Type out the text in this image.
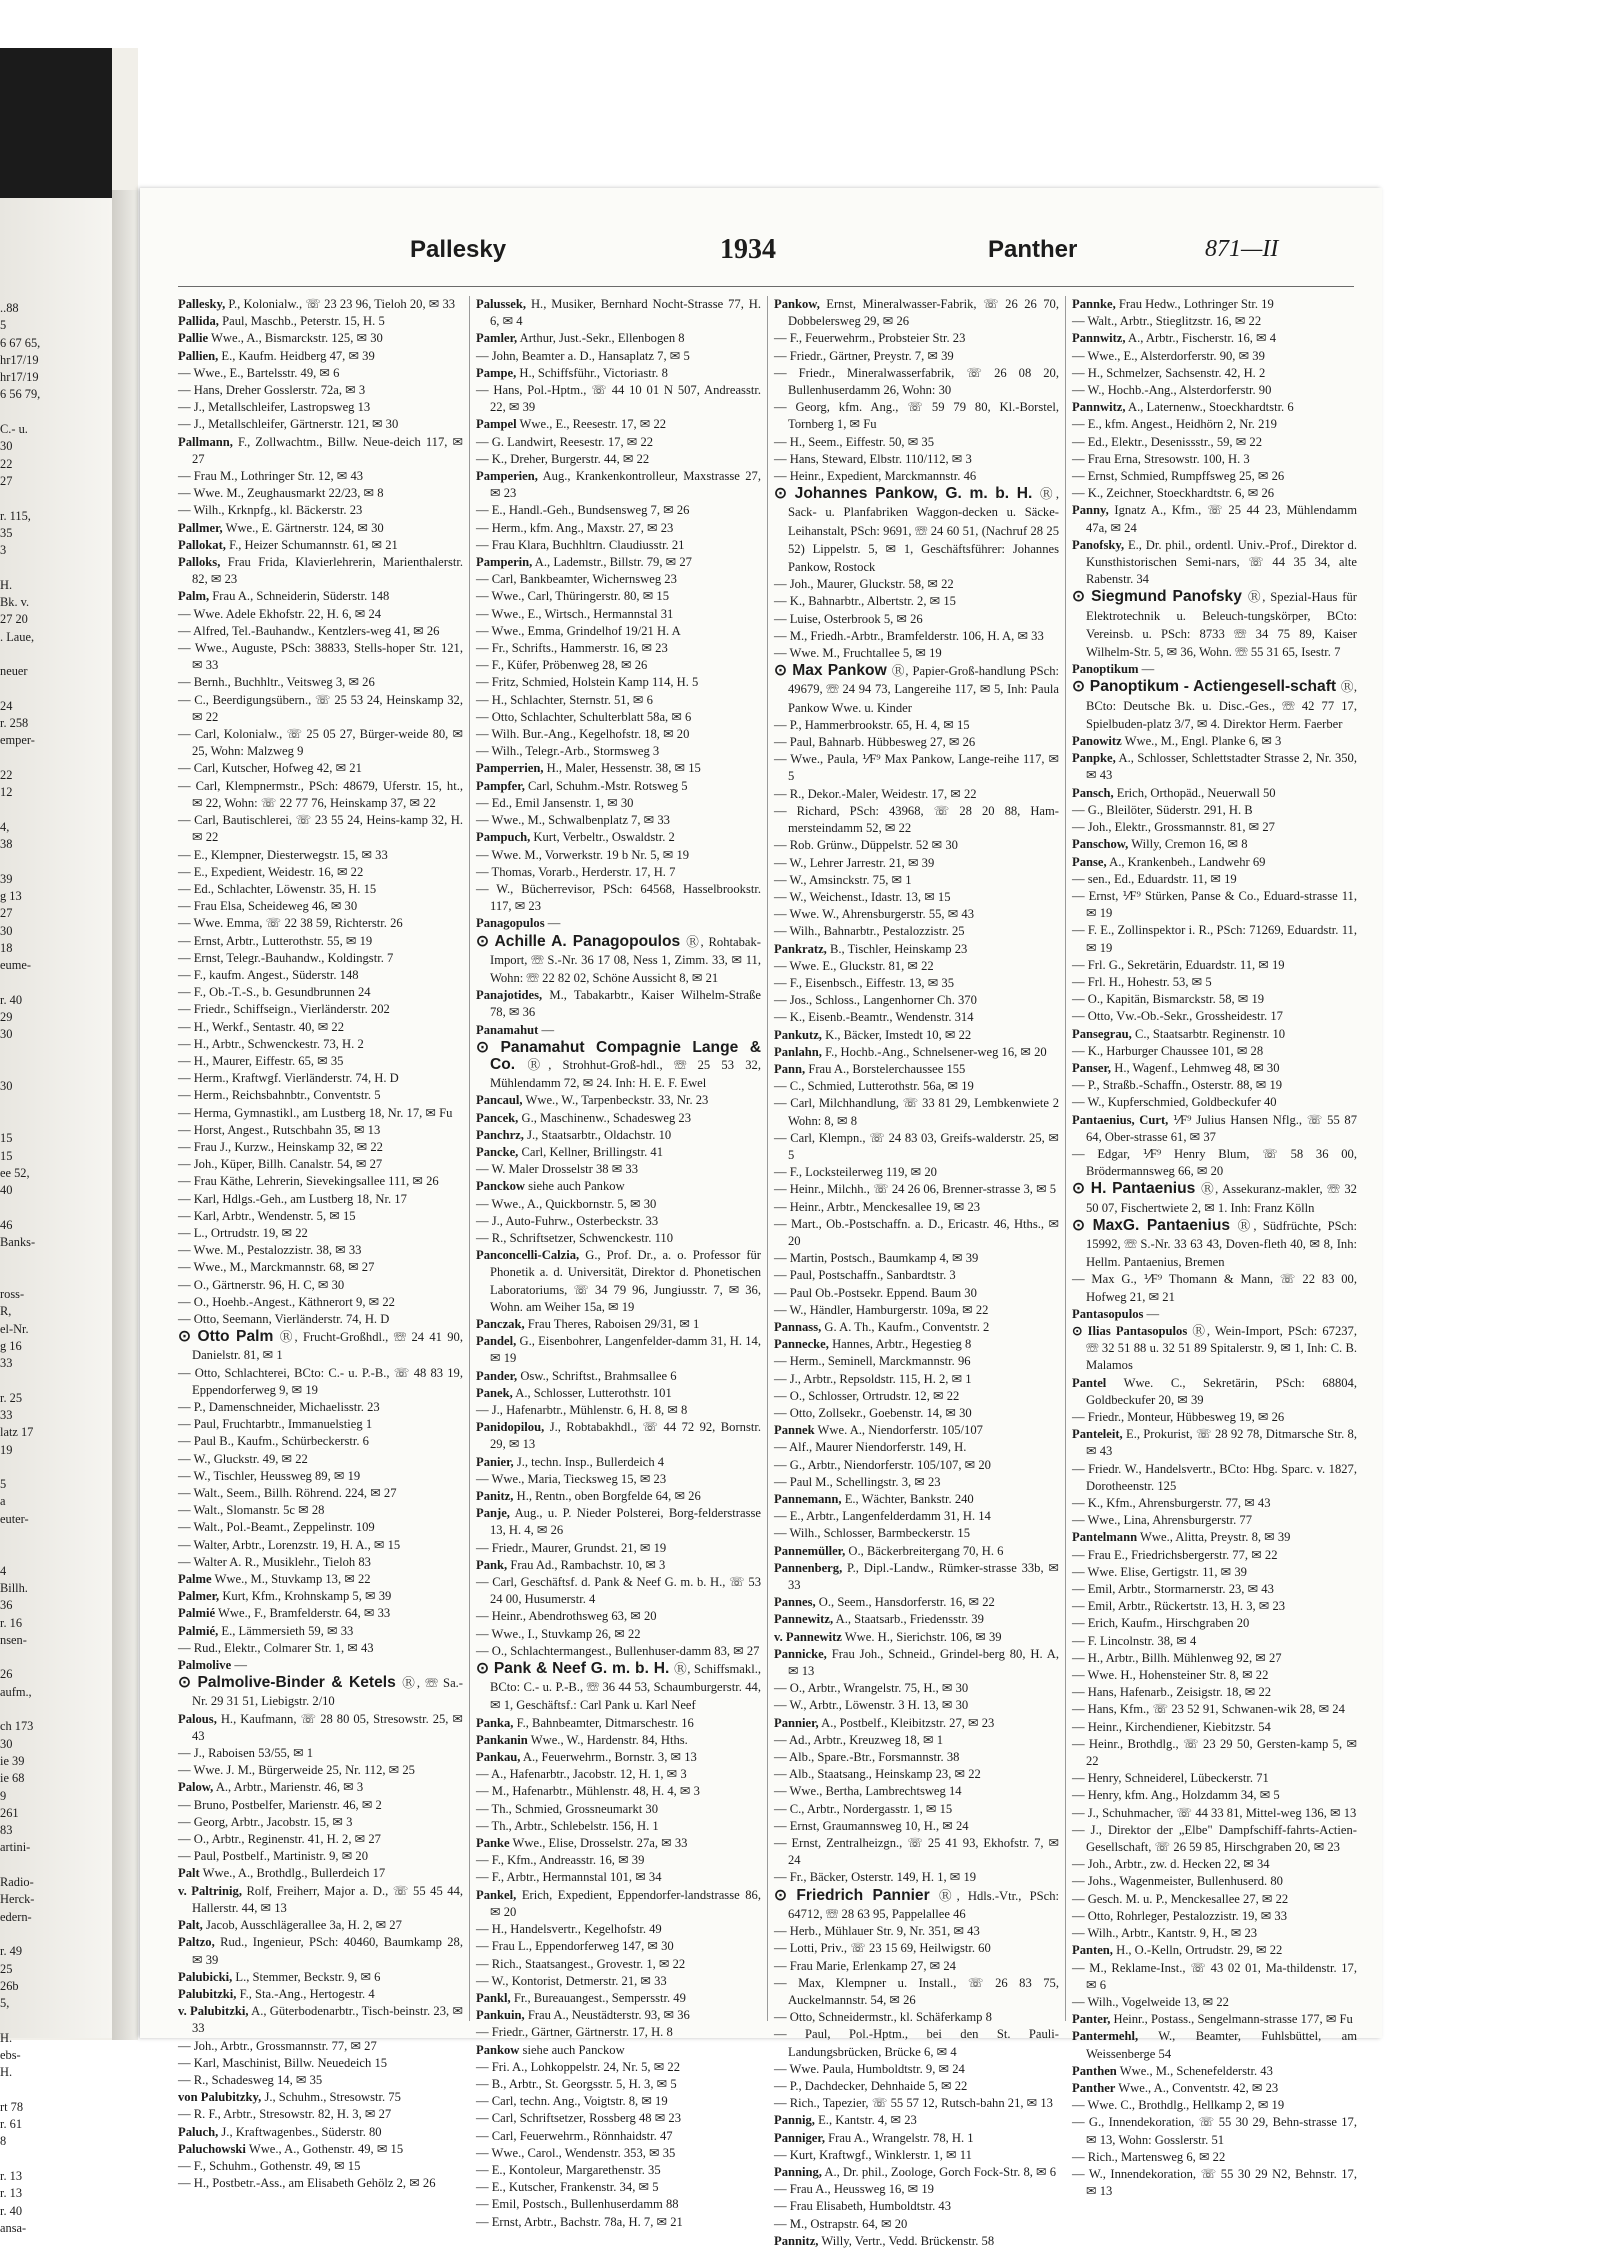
..88
5
6 67 65,
hr17/19
hr17/19
6 56 79,
C.- u.
30
22
27
r. 115,
35
3
H.
Bk. v.
27 20
. Laue,
neuer
24
r. 258
emper-
22
12
4,
38
39
g 13
27
30
18
eume-
r. 40
29
30
30
15
15
ee 52,
40
46
Banks-
ross-
R,
el-Nr.
g 16
33
r. 25
33
latz 17
19
5
a
euter-
4
Billh.
36
r. 16
nsen-
26
aufm.,
ch 173
30
ie 39
ie 68
9
261
83
artini-
Radio-
Herck-
edern-
r. 49
25
26b
5,
H.
ebs-
H.
rt 78
r. 61
8
r. 13
r. 13
r. 40
ansa-
Pallesky	1934	Panther	871—II
Pallesky, P., Kolonialw., ☏ 23 23 96, Tieloh 20, ✉ 33
Pallida, Paul, Maschb., Peterstr. 15, H. 5
Pallie Wwe., A., Bismarckstr. 125, ✉ 30
Pallien, E., Kaufm. Heidberg 47, ✉ 39
— Wwe., E., Bartelsstr. 49, ✉ 6
— Hans, Dreher Gosslerstr. 72a, ✉ 3
— J., Metallschleifer, Lastropsweg 13
— J., Metallschleifer, Gärtnerstr. 121, ✉ 30
Pallmann, F., Zollwachtm., Billw. Neue-deich 117, ✉ 27
— Frau M., Lothringer Str. 12, ✉ 43
— Wwe. M., Zeughausmarkt 22/23, ✉ 8
— Wilh., Krknpfg., kl. Bäckerstr. 23
Pallmer, Wwe., E. Gärtnerstr. 124, ✉ 30
Pallokat, F., Heizer Schumannstr. 61, ✉ 21
Palloks, Frau Frida, Klavierlehrerin, Marienthalerstr. 82, ✉ 23
Palm, Frau A., Schneiderin, Süderstr. 148
— Wwe. Adele Ekhofstr. 22, H. 6, ✉ 24
— Alfred, Tel.-Bauhandw., Kentzlers-weg 41, ✉ 26
— Wwe., Auguste, PSch: 38833, Stells-hoper Str. 121, ✉ 33
— Bernh., Buchhltr., Veitsweg 3, ✉ 26
— C., Beerdigungsübern., ☏ 25 53 24, Heinskamp 32, ✉ 22
— Carl, Kolonialw., ☏ 25 05 27, Bürger-weide 80, ✉ 25, Wohn: Malzweg 9
— Carl, Kutscher, Hofweg 42, ✉ 21
— Carl, Klempnermstr., PSch: 48679, Uferstr. 15, ht., ✉ 22, Wohn: ☏ 22 77 76, Heinskamp 37, ✉ 22
— Carl, Bautischlerei, ☏ 23 55 24, Heins-kamp 32, H. ✉ 22
— E., Klempner, Diesterwegstr. 15, ✉ 33
— E., Expedient, Weidestr. 16, ✉ 22
— Ed., Schlachter, Löwenstr. 35, H. 15
— Frau Elsa, Scheideweg 46, ✉ 30
— Wwe. Emma, ☏ 22 38 59, Richterstr. 26
— Ernst, Arbtr., Lutterothstr. 55, ✉ 19
— Ernst, Telegr.-Bauhandw., Koldingstr. 7
— F., kaufm. Angest., Süderstr. 148
— F., Ob.-T.-S., b. Gesundbrunnen 24
— Friedr., Schiffseign., Vierländerstr. 202
— H., Werkf., Sentastr. 40, ✉ 22
— H., Arbtr., Schwenckestr. 73, H. 2
— H., Maurer, Eiffestr. 65, ✉ 35
— Herm., Kraftwgf. Vierländerstr. 74, H. D
— Herm., Reichsbahnbtr., Conventstr. 5
— Herma, Gymnastikl., am Lustberg 18, Nr. 17, ✉ Fu
— Horst, Angest., Rutschbahn 35, ✉ 13
— Frau J., Kurzw., Heinskamp 32, ✉ 22
— Joh., Küper, Billh. Canalstr. 54, ✉ 27
— Frau Käthe, Lehrerin, Sievekingsallee 111, ✉ 26
— Karl, Hdlgs.-Geh., am Lustberg 18, Nr. 17
— Karl, Arbtr., Wendenstr. 5, ✉ 15
— L., Ortrudstr. 19, ✉ 22
— Wwe. M., Pestalozzistr. 38, ✉ 33
— Wwe., M., Marckmannstr. 68, ✉ 27
— O., Gärtnerstr. 96, H. C, ✉ 30
— O., Hoehb.-Angest., Käthnerort 9, ✉ 22
— Otto, Seemann, Vierländerstr. 74, H. D
⊙ Otto Palm Ⓡ, Frucht-Großhdl., ☏ 24 41 90, Danielstr. 81, ✉ 1
— Otto, Schlachterei, BCto: C.- u. P.-B., ☏ 48 83 19, Eppendorferweg 9, ✉ 19
— P., Damenschneider, Michaelisstr. 23
— Paul, Fruchtarbtr., Immanuelstieg 1
— Paul B., Kaufm., Schürbeckerstr. 6
— W., Gluckstr. 49, ✉ 22
— W., Tischler, Heussweg 89, ✉ 19
— Walt., Seem., Billh. Röhrend. 224, ✉ 27
— Walt., Slomanstr. 5c ✉ 28
— Walt., Pol.-Beamt., Zeppelinstr. 109
— Walter, Arbtr., Lorenzstr. 19, H. A., ✉ 15
— Walter A. R., Musiklehr., Tieloh 83
Palme Wwe., M., Stuvkamp 13, ✉ 22
Palmer, Kurt, Kfm., Krohnskamp 5, ✉ 39
Palmié Wwe., F., Bramfelderstr. 64, ✉ 33
Palmié, E., Lämmersieth 59, ✉ 33
— Rud., Elektr., Colmarer Str. 1, ✉ 43
Palmolive —
⊙ Palmolive-Binder & Ketels Ⓡ, ☏ Sa.-Nr. 29 31 51, Liebigstr. 2/10
Palous, H., Kaufmann, ☏ 28 80 05, Stresowstr. 25, ✉ 43
— J., Raboisen 53/55, ✉ 1
— Wwe. J. M., Bürgerweide 25, Nr. 112, ✉ 25
Palow, A., Arbtr., Marienstr. 46, ✉ 3
— Bruno, Postbelfer, Marienstr. 46, ✉ 2
— Georg, Arbtr., Jacobstr. 15, ✉ 3
— O., Arbtr., Reginenstr. 41, H. 2, ✉ 27
— Paul, Postbelf., Martinistr. 9, ✉ 20
Palt Wwe., A., Brothdlg., Bullerdeich 17
v. Paltrinig, Rolf, Freiherr, Major a. D., ☏ 55 45 44, Hallerstr. 44, ✉ 13
Palt, Jacob, Ausschlägerallee 3a, H. 2, ✉ 27
Paltzo, Rud., Ingenieur, PSch: 40460, Baumkamp 28, ✉ 39
Palubicki, L., Stemmer, Beckstr. 9, ✉ 6
Palubitzki, F., Sta.-Ang., Hertogestr. 4
v. Palubitzki, A., Güterbodenarbtr., Tisch-beinstr. 23, ✉ 33
— Joh., Arbtr., Grossmannstr. 77, ✉ 27
— Karl, Maschinist, Billw. Neuedeich 15
— R., Schadesweg 14, ✉ 35
von Palubitzky, J., Schuhm., Stresowstr. 75
— R. F., Arbtr., Stresowstr. 82, H. 3, ✉ 27
Paluch, J., Kraftwagenbes., Süderstr. 80
Paluchowski Wwe., A., Gothenstr. 49, ✉ 15
— F., Schuhm., Gothenstr. 49, ✉ 15
— H., Postbetr.-Ass., am Elisabeth Gehölz 2, ✉ 26
Palussek, H., Musiker, Bernhard Nocht-Strasse 77, H. 6, ✉ 4
Pamler, Arthur, Just.-Sekr., Ellenbogen 8
— John, Beamter a. D., Hansaplatz 7, ✉ 5
Pampe, H., Schiffsführ., Victoriastr. 8
— Hans, Pol.-Hptm., ☏ 44 10 01 N 507, Andreasstr. 22, ✉ 39
Pampel Wwe., E., Reesestr. 17, ✉ 22
— G. Landwirt, Reesestr. 17, ✉ 22
— K., Dreher, Burgerstr. 44, ✉ 22
Pamperien, Aug., Krankenkontrolleur, Maxstrasse 27, ✉ 23
— E., Handl.-Geh., Bundsensweg 7, ✉ 26
— Herm., kfm. Ang., Maxstr. 27, ✉ 23
— Frau Klara, Buchhltrn. Claudiusstr. 21
Pamperin, A., Lademstr., Billstr. 79, ✉ 27
— Carl, Bankbeamter, Wichernsweg 23
— Wwe., Carl, Thüringerstr. 80, ✉ 15
— Wwe., E., Wirtsch., Hermannstal 31
— Wwe., Emma, Grindelhof 19/21 H. A
— Fr., Schrifts., Hammerstr. 16, ✉ 23
— F., Küfer, Pröbenweg 28, ✉ 26
— Fritz, Schmied, Holstein Kamp 114, H. 5
— H., Schlachter, Sternstr. 51, ✉ 6
— Otto, Schlachter, Schulterblatt 58a, ✉ 6
— Wilh. Bur.-Ang., Kegelhofstr. 18, ✉ 20
— Wilh., Telegr.-Arb., Stormsweg 3
Pamperrien, H., Maler, Hessenstr. 38, ✉ 15
Pampfer, Carl, Schuhm.-Mstr. Rotsweg 5
— Ed., Emil Jansenstr. 1, ✉ 30
— Wwe., M., Schwalbenplatz 7, ✉ 33
Pampuch, Kurt, Verbeltr., Oswaldstr. 2
— Wwe. M., Vorwerkstr. 19 b Nr. 5, ✉ 19
— Thomas, Vorarb., Herderstr. 17, H. 7
— W., Bücherrevisor, PSch: 64568, Hasselbrookstr. 117, ✉ 23
Panagopulos —
⊙ Achille A. Panagopoulos Ⓡ, Rohtabak-Import, ☏ S.-Nr. 36 17 08, Ness 1, Zimm. 33, ✉ 11, Wohn: ☏ 22 82 02, Schöne Aussicht 8, ✉ 21
Panajotides, M., Tabakarbtr., Kaiser Wilhelm-Straße 78, ✉ 36
Panamahut —
⊙ Panamahut Compagnie Lange & Co. Ⓡ, Strohhut-Groß-hdl., ☏ 25 53 32, Mühlendamm 72, ✉ 24. Inh: H. E. F. Ewel
Pancaul, Wwe., W., Tarpenbeckstr. 33, Nr. 23
Pancek, G., Maschinenw., Schadesweg 23
Panchrz, J., Staatsarbtr., Oldachstr. 10
Pancke, Carl, Kellner, Brillingstr. 41
— W. Maler Drosselstr 38 ✉ 33
Panckow siehe auch Pankow
— Wwe., A., Quickbornstr. 5, ✉ 30
— J., Auto-Fuhrw., Osterbeckstr. 33
— R., Schriftsetzer, Schwenckestr. 110
Panconcelli-Calzia, G., Prof. Dr., a. o. Professor für Phonetik a. d. Universität, Direktor d. Phonetischen Laboratoriums, ☏ 34 79 96, Jungiusstr. 7, ✉ 36, Wohn. am Weiher 15a, ✉ 19
Panczak, Frau Theres, Raboisen 29/31, ✉ 1
Pandel, G., Eisenbohrer, Langenfelder-damm 31, H. 14, ✉ 19
Pander, Osw., Schriftst., Brahmsallee 6
Panek, A., Schlosser, Lutterothstr. 101
— J., Hafenarbtr., Mühlenstr. 6, H. 8, ✉ 8
Panidopilou, J., Robtabakhdl., ☏ 44 72 92, Bornstr. 29, ✉ 13
Panier, J., techn. Insp., Bullerdeich 4
— Wwe., Maria, Tiecksweg 15, ✉ 23
Panitz, H., Rentn., oben Borgfelde 64, ✉ 26
Panje, Aug., u. P. Nieder Polsterei, Borg-felderstrasse 13, H. 4, ✉ 26
— Friedr., Maurer, Grundst. 21, ✉ 19
Pank, Frau Ad., Rambachstr. 10, ✉ 3
— Carl, Geschäftsf. d. Pank & Neef G. m. b. H., ☏ 53 24 00, Husumerstr. 4
— Heinr., Abendrothsweg 63, ✉ 20
— Wwe., I., Stuvkamp 26, ✉ 22
— O., Schlachtermangest., Bullenhuser-damm 83, ✉ 27
⊙ Pank & Neef G. m. b. H. Ⓡ, Schiffsmakl., BCto: C.- u. P.-B., ☏ 36 44 53, Schaumburgerstr. 44, ✉ 1, Geschäftsf.: Carl Pank u. Karl Neef
Panka, F., Bahnbeamter, Ditmarschestr. 16
Pankanin Wwe., W., Hardenstr. 84, Hths.
Pankau, A., Feuerwehrm., Bornstr. 3, ✉ 13
— A., Hafenarbtr., Jacobstr. 12, H. 1, ✉ 3
— M., Hafenarbtr., Mühlenstr. 48, H. 4, ✉ 3
— Th., Schmied, Grossneumarkt 30
— Th., Arbtr., Schlebelstr. 156, H. 1
Panke Wwe., Elise, Drosselstr. 27a, ✉ 33
— F., Kfm., Andreasstr. 16, ✉ 39
— F., Arbtr., Hermannstal 101, ✉ 34
Pankel, Erich, Expedient, Eppendorfer-landstrasse 86, ✉ 20
— H., Handelsvertr., Kegelhofstr. 49
— Frau L., Eppendorferweg 147, ✉ 30
— Rich., Staatsangest., Grovestr. 1, ✉ 22
— W., Kontorist, Detmerstr. 21, ✉ 33
Pankl, Fr., Bureauangest., Sempersstr. 49
Pankuin, Frau A., Neustädterstr. 93, ✉ 36
— Friedr., Gärtner, Gärtnerstr. 17, H. 8
Pankow siehe auch Panckow
— Fri. A., Lohkoppelstr. 24, Nr. 5, ✉ 22
— B., Arbtr., St. Georgsstr. 5, H. 3, ✉ 5
— Carl, techn. Ang., Voigtstr. 8, ✉ 19
— Carl, Schriftsetzer, Rossberg 48 ✉ 23
— Carl, Feuerwehrm., Rönnhaidstr. 47
— Wwe., Carol., Wendenstr. 353, ✉ 35
— E., Kontoleur, Margarethenstr. 35
— E., Kutscher, Frankenstr. 34, ✉ 5
— Emil, Postsch., Bullenhuserdamm 88
— Ernst, Arbtr., Bachstr. 78a, H. 7, ✉ 21
Pankow, Ernst, Mineralwasser-Fabrik, ☏ 26 26 70, Dobbelersweg 29, ✉ 26
— F., Feuerwehrm., Probsteier Str. 23
— Friedr., Gärtner, Preystr. 7, ✉ 39
— Friedr., Mineralwasserfabrik, ☏ 26 08 20, Bullenhuserdamm 26, Wohn: 30
— Georg, kfm. Ang., ☏ 59 79 80, Kl.-Borstel, Tornberg 1, ✉ Fu
— H., Seem., Eiffestr. 50, ✉ 35
— Hans, Steward, Elbstr. 110/112, ✉ 3
— Heinr., Expedient, Marckmannstr. 46
⊙ Johannes Pankow, G. m. b. H. Ⓡ, Sack- u. Planfabriken Waggon-decken u. Säcke-Leihanstalt, PSch: 9691, ☏ 24 60 51, (Nachruf 28 25 52) Lippelstr. 5, ✉ 1, Geschäftsführer: Johannes Pankow, Rostock
— Joh., Maurer, Gluckstr. 58, ✉ 22
— K., Bahnarbtr., Albertstr. 2, ✉ 15
— Luise, Osterbrook 5, ✉ 26
— M., Friedh.-Arbtr., Bramfelderstr. 106, H. A, ✉ 33
— Wwe. M., Fruchtallee 5, ✉ 19
⊙ Max Pankow Ⓡ, Papier-Groß-handlung PSch: 49679, ☏ 24 94 73, Langereihe 117, ✉ 5, Inh: Paula Pankow Wwe. u. Kinder
— P., Hammerbrookstr. 65, H. 4, ✉ 15
— Paul, Bahnarb. Hübbesweg 27, ✉ 26
— Wwe., Paula, ⅟F⁹ Max Pankow, Lange-reihe 117, ✉ 5
— R., Dekor.-Maler, Weidestr. 17, ✉ 22
— Richard, PSch: 43968, ☏ 28 20 88, Ham-mersteindamm 52, ✉ 22
— Rob. Grünw., Düppelstr. 52 ✉ 30
— W., Lehrer Jarrestr. 21, ✉ 39
— W., Amsinckstr. 75, ✉ 1
— W., Weichenst., Idastr. 13, ✉ 15
— Wwe. W., Ahrensburgerstr. 55, ✉ 43
— Wilh., Bahnarbtr., Pestalozzistr. 25
Pankratz, B., Tischler, Heinskamp 23
— Wwe. E., Gluckstr. 81, ✉ 22
— F., Eisenbsch., Eiffestr. 13, ✉ 35
— Jos., Schloss., Langenhorner Ch. 370
— K., Eisenb.-Beamtr., Wendenstr. 314
Pankutz, K., Bäcker, Imstedt 10, ✉ 22
Panlahn, F., Hochb.-Ang., Schnelsener-weg 16, ✉ 20
Pann, Frau A., Borstelerchaussee 155
— C., Schmied, Lutterothstr. 56a, ✉ 19
— Carl, Milchhandlung, ☏ 33 81 29, Lembkenwiete 2 Wohn: 8, ✉ 8
— Carl, Klempn., ☏ 24 83 03, Greifs-walderstr. 25, ✉ 5
— F., Locksteilerweg 119, ✉ 20
— Heinr., Milchh., ☏ 24 26 06, Brenner-strasse 3, ✉ 5
— Heinr., Arbtr., Menckesallee 19, ✉ 23
— Mart., Ob.-Postschaffn. a. D., Ericastr. 46, Hths., ✉ 20
— Martin, Postsch., Baumkamp 4, ✉ 39
— Paul, Postschaffn., Sanbardtstr. 3
— Paul Ob.-Postsekr. Eppend. Baum 30
— W., Händler, Hamburgerstr. 109a, ✉ 22
Pannass, G. A. Th., Kaufm., Conventstr. 2
Pannecke, Hannes, Arbtr., Hegestieg 8
— Herm., Seminell, Marckmannstr. 96
— J., Arbtr., Repsoldstr. 115, H. 2, ✉ 1
— O., Schlosser, Ortrudstr. 12, ✉ 22
— Otto, Zollsekr., Goebenstr. 14, ✉ 30
Pannek Wwe. A., Niendorferstr. 105/107
— Alf., Maurer Niendorferstr. 149, H.
— G., Arbtr., Niendorferstr. 105/107, ✉ 20
— Paul M., Schellingstr. 3, ✉ 23
Pannemann, E., Wächter, Bankstr. 240
— E., Arbtr., Langenfelderdamm 31, H. 14
— Wilh., Schlosser, Barmbeckerstr. 15
Pannemüller, O., Bäckerbreitergang 70, H. 6
Pannenberg, P., Dipl.-Landw., Rümker-strasse 33b, ✉ 33
Pannes, O., Seem., Hansdorferstr. 16, ✉ 22
Pannewitz, A., Staatsarb., Friedensstr. 39
v. Pannewitz Wwe. H., Sierichstr. 106, ✉ 39
Pannicke, Frau Joh., Schneid., Grindel-berg 80, H. A, ✉ 13
— O., Arbtr., Wrangelstr. 75, H., ✉ 30
— W., Arbtr., Löwenstr. 3 H. 13, ✉ 30
Pannier, A., Postbelf., Kleibitzstr. 27, ✉ 23
— Ad., Arbtr., Kreuzweg 18, ✉ 1
— Alb., Spare.-Btr., Forsmannstr. 38
— Alb., Staatsang., Heinskamp 23, ✉ 22
— Wwe., Bertha, Lambrechtsweg 14
— C., Arbtr., Nordergasstr. 1, ✉ 15
— Ernst, Graumannsweg 10, H., ✉ 24
— Ernst, Zentralheizgn., ☏ 25 41 93, Ekhofstr. 7, ✉ 24
— Fr., Bäcker, Osterstr. 149, H. 1, ✉ 19
⊙ Friedrich Pannier Ⓡ, Hdls.-Vtr., PSch: 64712, ☏ 28 63 95, Pappelallee 46
— Herb., Mühlauer Str. 9, Nr. 351, ✉ 43
— Lotti, Priv., ☏ 23 15 69, Heilwigstr. 60
— Frau Marie, Erlenkamp 27, ✉ 24
— Max, Klempner u. Install., ☏ 26 83 75, Auckelmannstr. 54, ✉ 26
— Otto, Schneidermstr., kl. Schäferkamp 8
— Paul, Pol.-Hptm., bei den St. Pauli-Landungsbrücken, Brücke 6, ✉ 4
— Wwe. Paula, Humboldtstr. 9, ✉ 24
— P., Dachdecker, Dehnhaide 5, ✉ 22
— Rich., Tapezier, ☏ 55 57 12, Rutsch-bahn 21, ✉ 13
Pannig, E., Kantstr. 4, ✉ 23
Panniger, Frau A., Wrangelstr. 78, H. 1
— Kurt, Kraftwgf., Winklerstr. 1, ✉ 11
Panning, A., Dr. phil., Zoologe, Gorch Fock-Str. 8, ✉ 6
— Frau A., Heussweg 16, ✉ 19
— Frau Elisabeth, Humboldtstr. 43
— M., Ostrapstr. 64, ✉ 20
Pannitz, Willy, Vertr., Vedd. Brückenstr. 58
Pannke, Frau Hedw., Lothringer Str. 19
— Walt., Arbtr., Stieglitzstr. 16, ✉ 22
Pannwitz, A., Arbtr., Fischerstr. 16, ✉ 4
— Wwe., E., Alsterdorferstr. 90, ✉ 39
— H., Schmelzer, Sachsenstr. 42, H. 2
— W., Hochb.-Ang., Alsterdorferstr. 90
Pannwitz, A., Laternenw., Stoeckhardtstr. 6
— E., kfm. Angest., Heidhörn 2, Nr. 219
— Ed., Elektr., Desenissstr., 59, ✉ 22
— Frau Erna, Stresowstr. 100, H. 3
— Ernst, Schmied, Rumpffsweg 25, ✉ 26
— K., Zeichner, Stoeckhardtstr. 6, ✉ 26
Panny, Ignatz A., Kfm., ☏ 25 44 23, Mühlendamm 47a, ✉ 24
Panofsky, E., Dr. phil., ordentl. Univ.-Prof., Direktor d. Kunsthistorischen Semi-nars, ☏ 44 35 34, alte Rabenstr. 34
⊙ Siegmund Panofsky Ⓡ, Spezial-Haus für Elektrotechnik u. Beleuch-tungskörper, BCto: Vereinsb. u. PSch: 8733 ☏ 34 75 89, Kaiser Wilhelm-Str. 5, ✉ 36, Wohn. ☏ 55 31 65, Isestr. 7
Panoptikum —
⊙ Panoptikum - Actiengesell-schaft Ⓡ, BCto: Deutsche Bk. u. Disc.-Ges., ☏ 42 77 17, Spielbuden-platz 3/7, ✉ 4. Direktor Herm. Faerber
Panowitz Wwe., M., Engl. Planke 6, ✉ 3
Panpke, A., Schlosser, Schlettstadter Strasse 2, Nr. 350, ✉ 43
Pansch, Erich, Orthopäd., Neuerwall 50
— G., Bleilöter, Süderstr. 291, H. B
— Joh., Elektr., Grossmannstr. 81, ✉ 27
Panschow, Willy, Cremon 16, ✉ 8
Panse, A., Krankenbeh., Landwehr 69
— sen., Ed., Eduardstr. 11, ✉ 19
— Ernst, ⅟F⁹ Stürken, Panse & Co., Eduard-strasse 11, ✉ 19
— F. E., Zollinspektor i. R., PSch: 71269, Eduardstr. 11, ✉ 19
— Frl. G., Sekretärin, Eduardstr. 11, ✉ 19
— Frl. H., Hohestr. 53, ✉ 5
— O., Kapitän, Bismarckstr. 58, ✉ 19
— Otto, Vw.-Ob.-Sekr., Grossheidestr. 17
Pansegrau, C., Staatsarbtr. Reginenstr. 10
— K., Harburger Chaussee 101, ✉ 28
Panser, H., Wagenf., Lehmweg 48, ✉ 30
— P., Straßb.-Schaffn., Osterstr. 88, ✉ 19
— W., Kupferschmied, Goldbeckufer 40
Pantaenius, Curt, ⅟F⁹ Julius Hansen Nflg., ☏ 55 87 64, Ober-strasse 61, ✉ 37
— Edgar, ⅟F⁹ Henry Blum, ☏ 58 36 00, Brödermannsweg 66, ✉ 20
⊙ H. Pantaenius Ⓡ, Assekuranz-makler, ☏ 32 50 07, Fischertwiete 2, ✉ 1. Inh: Franz Kölln
⊙ MaxG. Pantaenius Ⓡ, Südfrüchte, PSch: 15992, ☏ S.-Nr. 33 63 43, Doven-fleth 40, ✉ 8, Inh: Hellm. Pantaenius, Bremen
— Max G., ⅟F⁹ Thomann & Mann, ☏ 22 83 00, Hofweg 21, ✉ 21
Pantasopulos —
⊙ Ilias Pantasopulos Ⓡ, Wein-Import, PSch: 67237, ☏ 32 51 88 u. 32 51 89 Spitalerstr. 9, ✉ 1, Inh: C. B. Malamos
Pantel Wwe. C., Sekretärin, PSch: 68804, Goldbeckufer 20, ✉ 39
— Friedr., Monteur, Hübbesweg 19, ✉ 26
Panteleit, E., Prokurist, ☏ 28 92 78, Ditmarsche Str. 8, ✉ 43
— Friedr. W., Handelsvertr., BCto: Hbg. Sparc. v. 1827, Dorotheenstr. 125
— K., Kfm., Ahrensburgerstr. 77, ✉ 43
— Wwe., Lina, Ahrensburgerstr. 77
Pantelmann Wwe., Alitta, Preystr. 8, ✉ 39
— Frau E., Friedrichsbergerstr. 77, ✉ 22
— Wwe. Elise, Gertigstr. 11, ✉ 39
— Emil, Arbtr., Stormarnerstr. 23, ✉ 43
— Emil, Arbtr., Rückertstr. 13, H. 3, ✉ 23
— Erich, Kaufm., Hirschgraben 20
— F. Lincolnstr. 38, ✉ 4
— H., Arbtr., Billh. Mühlenweg 92, ✉ 27
— Wwe. H., Hohensteiner Str. 8, ✉ 22
— Hans, Hafenarb., Zeisigstr. 18, ✉ 22
— Hans, Kfm., ☏ 23 52 91, Schwanen-wik 28, ✉ 24
— Heinr., Kirchendiener, Kiebitzstr. 54
— Heinr., Brothdlg., ☏ 23 29 50, Gersten-kamp 5, ✉ 22
— Henry, Schneiderel, Lübeckerstr. 71
— Henry, kfm. Ang., Holzdamm 34, ✉ 5
— J., Schuhmacher, ☏ 44 33 81, Mittel-weg 136, ✉ 13
— J., Direktor der „Elbe" Dampfschiff-fahrts-Actien-Gesellschaft, ☏ 26 59 85, Hirschgraben 20, ✉ 23
— Joh., Arbtr., zw. d. Hecken 22, ✉ 34
— Johs., Wagenmeister, Bullenhuserd. 80
— Gesch. M. u. P., Menckesallee 27, ✉ 22
— Otto, Rohrleger, Pestalozzistr. 19, ✉ 33
— Wilh., Arbtr., Kantstr. 9, H., ✉ 23
Panten, H., O.-Kelln, Ortrudstr. 29, ✉ 22
— M., Reklame-Inst., ☏ 43 02 01, Ma-thildenstr. 17, ✉ 6
— Wilh., Vogelweide 13, ✉ 22
Panter, Heinr., Postass., Sengelmann-strasse 177, ✉ Fu
Pantermehl, W., Beamter, Fuhlsbüttel, am Weissenberge 54
Panthen Wwe., M., Schenefelderstr. 43
Panther Wwe., A., Conventstr. 42, ✉ 23
— Wwe. C., Brothdlg., Hellkamp 2, ✉ 19
— G., Innendekoration, ☏ 55 30 29, Behn-strasse 17, ✉ 13, Wohn: Gosslerstr. 51
— Rich., Martensweg 6, ✉ 22
— W., Innendekoration, ☏ 55 30 29 N2, Behnstr. 17, ✉ 13
